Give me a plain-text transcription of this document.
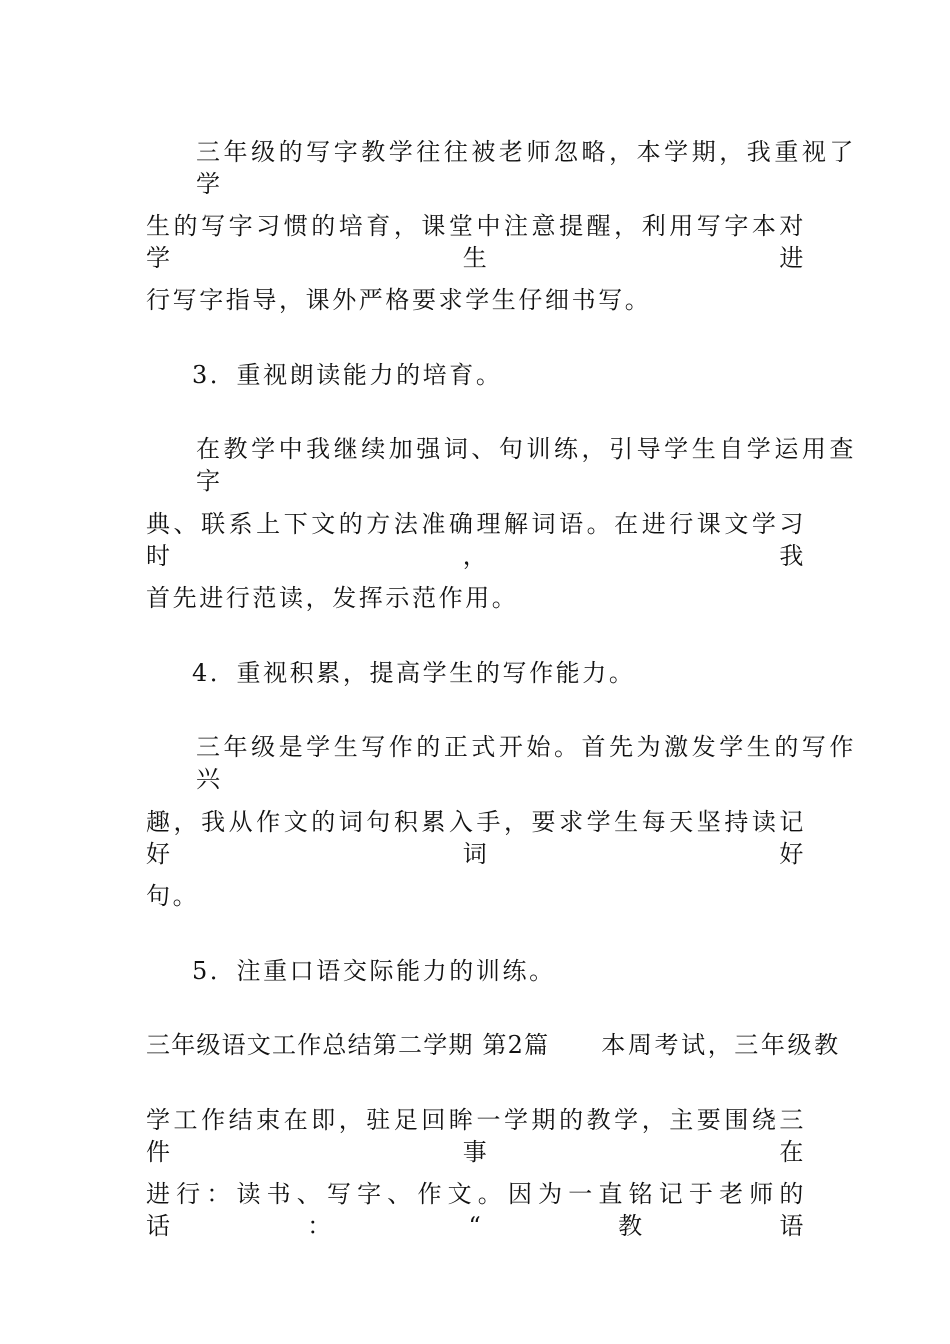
三年级的写字教学往往被老师忽略，本学期，我重视了学
生的写字习惯的培育，课堂中注意提醒，利用写字本对学生进
行写字指导，课外严格要求学生仔细书写。
3．重视朗读能力的培育。
在教学中我继续加强词、句训练，引导学生自学运用查字
典、联系上下文的方法准确理解词语。在进行课文学习时，我
首先进行范读，发挥示范作用。
4．重视积累，提高学生的写作能力。
三年级是学生写作的正式开始。首先为激发学生的写作兴
趣，我从作文的词句积累入手，要求学生每天坚持读记好词好
句。
5．注重口语交际能力的训练。
三年级语文工作总结第二学期 第2篇 本周考试，三年级教
学工作结束在即，驻足回眸一学期的教学，主要围绕三件事在
进行：读书、写字、作文。因为一直铭记于老师的话：“教语
